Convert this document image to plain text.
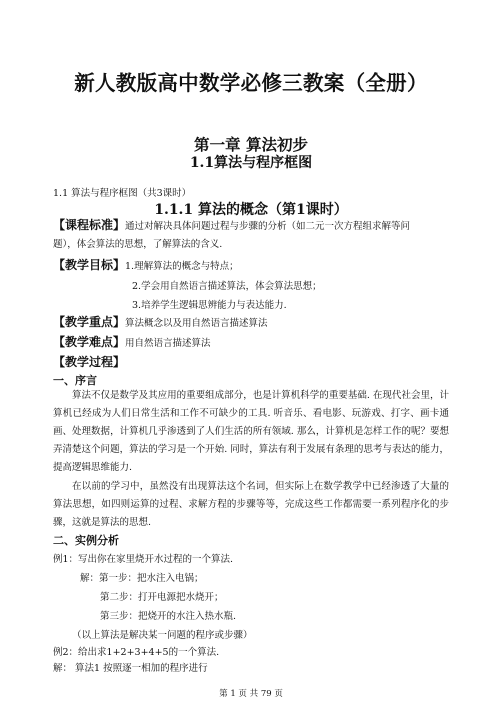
新人教版高中数学必修三教案（全册）
第一章 算法初步
1.1算法与程序框图
1.1 算法与程序框图（共3课时）
1.1.1 算法的概念（第1课时）
【课程标准】通过对解决具体问题过程与步骤的分析（如二元一次方程组求解等问
题），体会算法的思想，了解算法的含义.
【教学目标】1.理解算法的概念与特点；
2.学会用自然语言描述算法，体会算法思想；
3.培养学生逻辑思辨能力与表达能力.
【教学重点】算法概念以及用自然语言描述算法
【教学难点】用自然语言描述算法
【教学过程】
一、序言

算法不仅是数学及其应用的重要组成部分，也是计算机科学的重要基础. 在现代社会里，计算机已经成为人们日常生活和工作不可缺少的工具. 听音乐、看电影、玩游戏、打字、画卡通画、处理数据，计算机几乎渗透到了人们生活的所有领域. 那么，计算机是怎样工作的呢？要想弄清楚这个问题，算法的学习是一个开始. 同时，算法有利于发展有条理的思考与表达的能力，提高逻辑思维能力.

在以前的学习中，虽然没有出现算法这个名词，但实际上在数学教学中已经渗透了大量的算法思想，如四则运算的过程、求解方程的步骤等等，完成这些工作都需要一系列程序化的步骤，这就是算法的思想.

二、实例分析
例1：写出你在家里烧开水过程的一个算法.
解：第一步：把水注入电锅；
第二步：打开电源把水烧开；
第三步：把烧开的水注入热水瓶.
（以上算法是解决某一问题的程序或步骤）
例2：给出求1+2+3+4+5的一个算法.
解： 算法1 按照逐一相加的程序进行
第 1 页 共 79 页
